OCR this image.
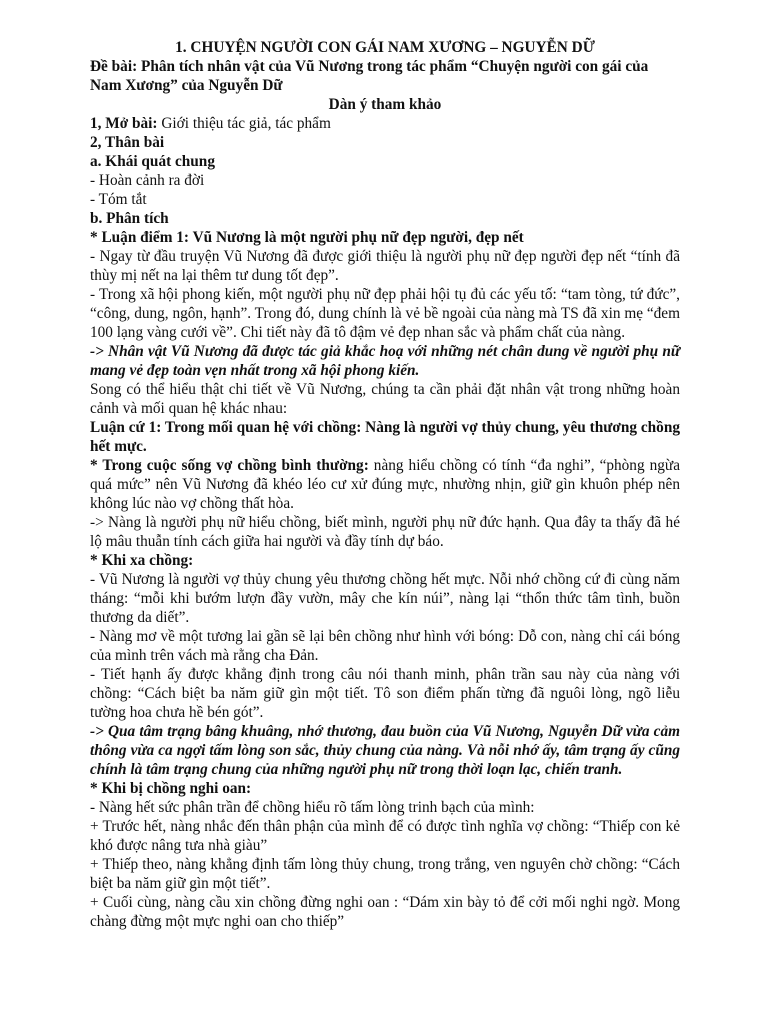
1. CHUYỆN NGƯỜI CON GÁI NAM XƯƠNG – NGUYỄN DỮ

Đề bài: Phân tích nhân vật của Vũ Nương trong tác phẩm “Chuyện người con gái của Nam Xương” của Nguyễn Dữ

Dàn ý tham khảo

1, Mở bài: Giới thiệu tác giả, tác phẩm

2, Thân bài

a. Khái quát chung

- Hoàn cảnh ra đời

- Tóm tắt

b. Phân tích

* Luận điểm 1: Vũ Nương là một người phụ nữ đẹp người, đẹp nết

- Ngay từ đầu truyện Vũ Nương đã được giới thiệu là người phụ nữ đẹp người đẹp nết “tính đã thùy mị nết na lại thêm tư dung tốt đẹp”.

- Trong xã hội phong kiến, một người phụ nữ đẹp phải hội tụ đủ các yếu tố: “tam tòng, tứ đức”, “công, dung, ngôn, hạnh”. Trong đó, dung chính là vẻ bề ngoài của nàng mà TS đã xin mẹ “đem 100 lạng vàng cưới về”. Chi tiết này đã tô đậm vẻ đẹp nhan sắc và phẩm chất của nàng.

-> Nhân vật Vũ Nương đã được tác giả khắc hoạ với những nét chân dung về người phụ nữ mang vẻ đẹp toàn vẹn nhất trong xã hội phong kiến.

Song có thể hiểu thật chi tiết về Vũ Nương, chúng ta cần phải đặt nhân vật trong những hoàn cảnh và mối quan hệ khác nhau:

Luận cứ 1: Trong mối quan hệ với chồng: Nàng là người vợ thủy chung, yêu thương chồng hết mực.

* Trong cuộc sống vợ chồng bình thường: nàng hiểu chồng có tính “đa nghi”, “phòng ngừa quá mức” nên Vũ Nương đã khéo léo cư xử đúng mực, nhường nhịn, giữ gìn khuôn phép nên không lúc nào vợ chồng thất hòa.

-> Nàng là người phụ nữ hiểu chồng, biết mình, người phụ nữ đức hạnh. Qua đây ta thấy đã hé lộ mâu thuẫn tính cách giữa hai người và đầy tính dự báo.

* Khi xa chồng:

- Vũ Nương là người vợ thủy chung yêu thương chồng hết mực. Nỗi nhớ chồng cứ đi cùng năm tháng: “mỗi khi bướm lượn đầy vườn, mây che kín núi”, nàng lại “thổn thức tâm tình, buồn thương da diết”.

- Nàng mơ về một tương lai gần sẽ lại bên chồng như hình với bóng: Dỗ con, nàng chỉ cái bóng của mình trên vách mà rằng cha Đản.

- Tiết hạnh ấy được khẳng định trong câu nói thanh minh, phân trần sau này của nàng với chồng: “Cách biệt ba năm giữ gìn một tiết. Tô son điểm phấn từng đã nguôi lòng, ngõ liễu tường hoa chưa hề bén gót”.

-> Qua tâm trạng bâng khuâng, nhớ thương, đau buồn của Vũ Nương, Nguyễn Dữ vừa cảm thông vừa ca ngợi tấm lòng son sắc, thủy chung của nàng. Và nỗi nhớ ấy, tâm trạng ấy cũng chính là tâm trạng chung của những người phụ nữ trong thời loạn lạc, chiến tranh.

* Khi bị chồng nghi oan:

- Nàng hết sức phân trần để chồng hiểu rõ tấm lòng trinh bạch của mình:

+ Trước hết, nàng nhắc đến thân phận của mình để có được tình nghĩa vợ chồng: “Thiếp con kẻ khó được nâng tưa nhà giàu”

+ Thiếp theo, nàng khẳng định tấm lòng thủy chung, trong trắng, ven nguyên chờ chồng: “Cách biệt ba năm giữ gìn một tiết”.

+ Cuối cùng, nàng cầu xin chồng đừng nghi oan : “Dám xin bày tỏ để cởi mối nghi ngờ. Mong chàng đừng một mực nghi oan cho thiếp”
